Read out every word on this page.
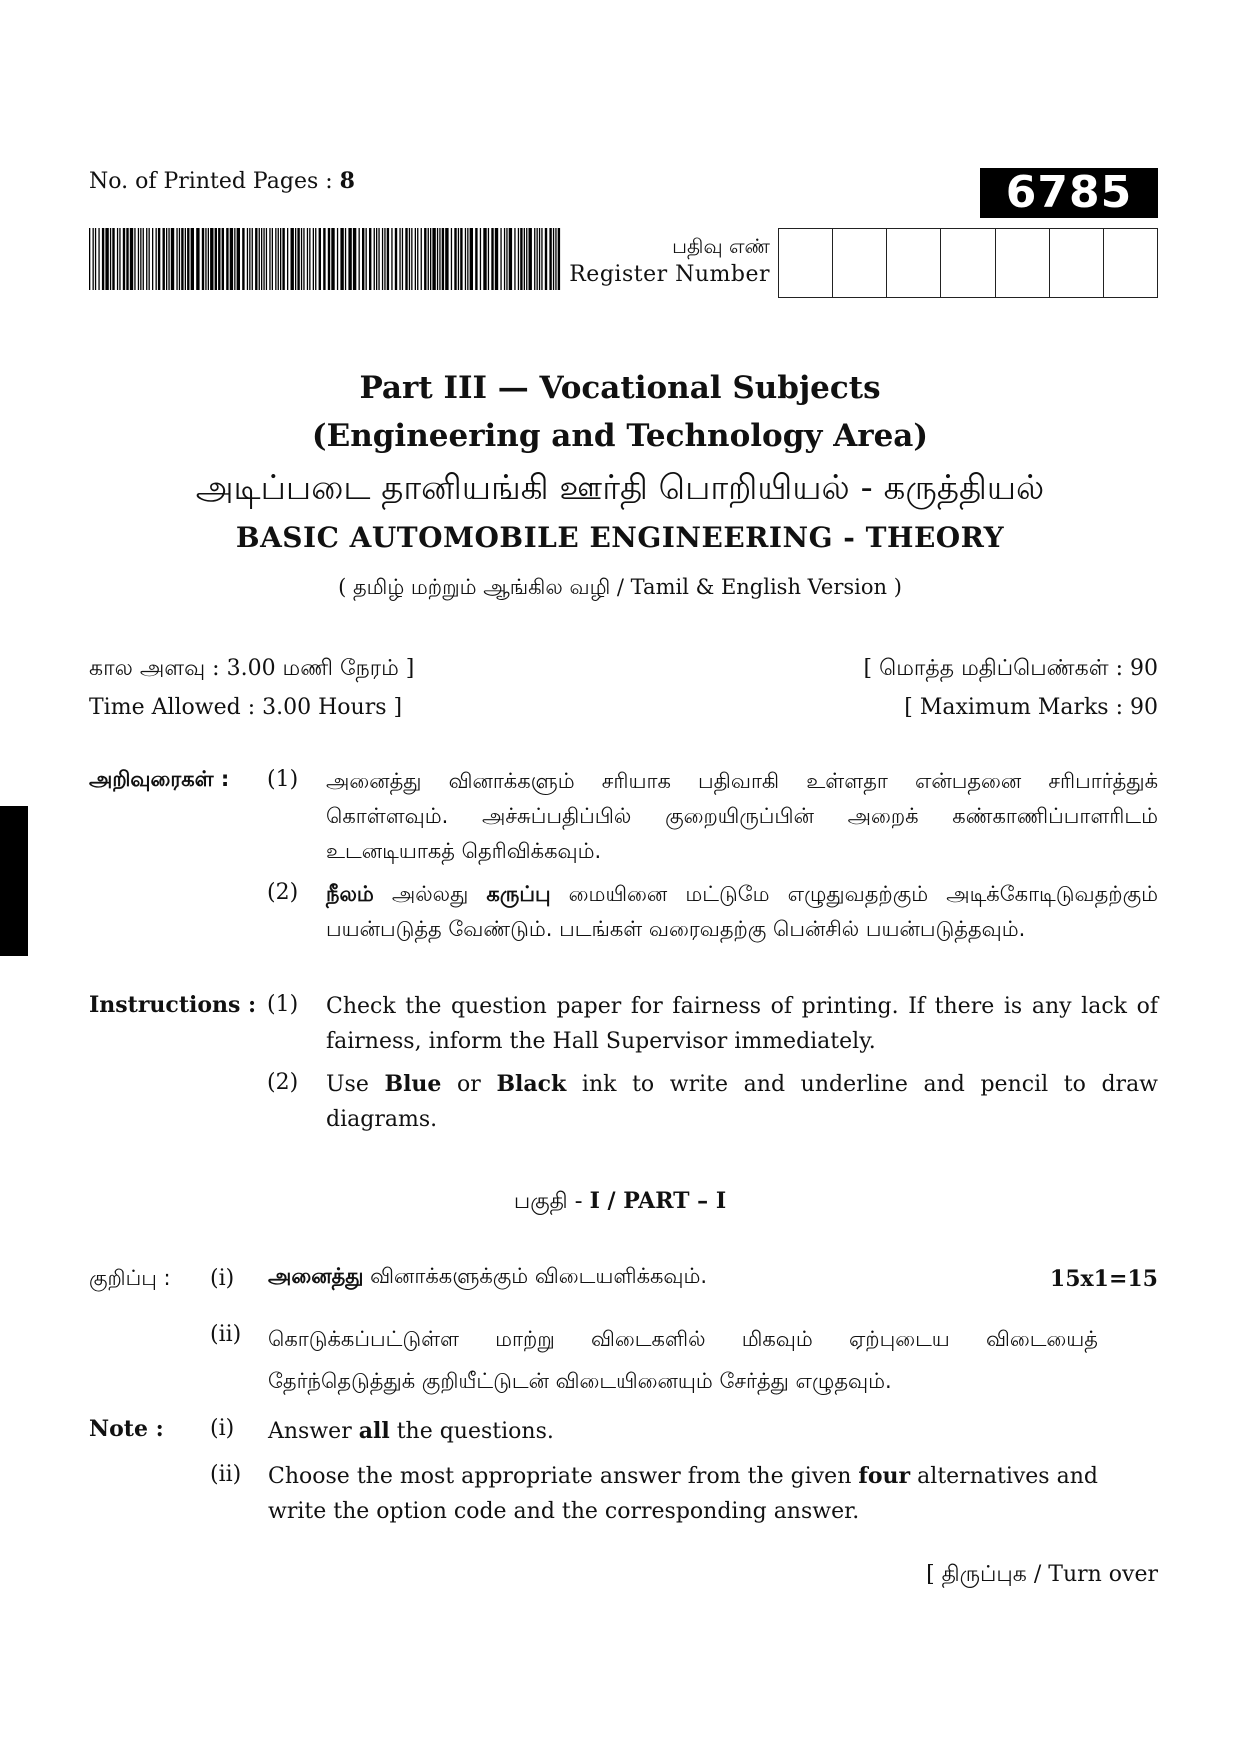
No. of Printed Pages : 8	6785
பதிவு எண்
Register Number
Part III — Vocational Subjects
(Engineering and Technology Area)
அடிப்படை தானியங்கி ஊர்தி பொறியியல் - கருத்தியல்
BASIC AUTOMOBILE ENGINEERING - THEORY
( தமிழ் மற்றும் ஆங்கில வழி / Tamil & English Version )
கால அளவு : 3.00 மணி நேரம் ]
Time Allowed : 3.00 Hours ]
[ மொத்த மதிப்பெண்கள் : 90
[ Maximum Marks : 90
அறிவுரைகள் : (1) அனைத்து வினாக்களும் சரியாக பதிவாகி உள்ளதா என்பதனை சரிபார்த்துக் கொள்ளவும். அச்சுப்பதிப்பில் குறையிருப்பின் அறைக் கண்காணிப்பாளரிடம் உடனடியாகத் தெரிவிக்கவும்.
(2) நீலம் அல்லது கருப்பு மையினை மட்டுமே எழுதுவதற்கும் அடிக்கோடிடுவதற்கும் பயன்படுத்த வேண்டும். படங்கள் வரைவதற்கு பென்சில் பயன்படுத்தவும்.
Instructions : (1) Check the question paper for fairness of printing. If there is any lack of fairness, inform the Hall Supervisor immediately.
(2) Use Blue or Black ink to write and underline and pencil to draw diagrams.
பகுதி - I / PART – I
குறிப்பு : (i) அனைத்து வினாக்களுக்கும் விடையளிக்கவும்.	15x1=15
(ii) கொடுக்கப்பட்டுள்ள மாற்று விடைகளில் மிகவும் ஏற்புடைய விடையைத் தேர்ந்தெடுத்துக் குறியீட்டுடன் விடையினையும் சேர்த்து எழுதவும்.
Note : (i) Answer all the questions.
(ii) Choose the most appropriate answer from the given four alternatives and write the option code and the corresponding answer.
[ திருப்புக / Turn over
